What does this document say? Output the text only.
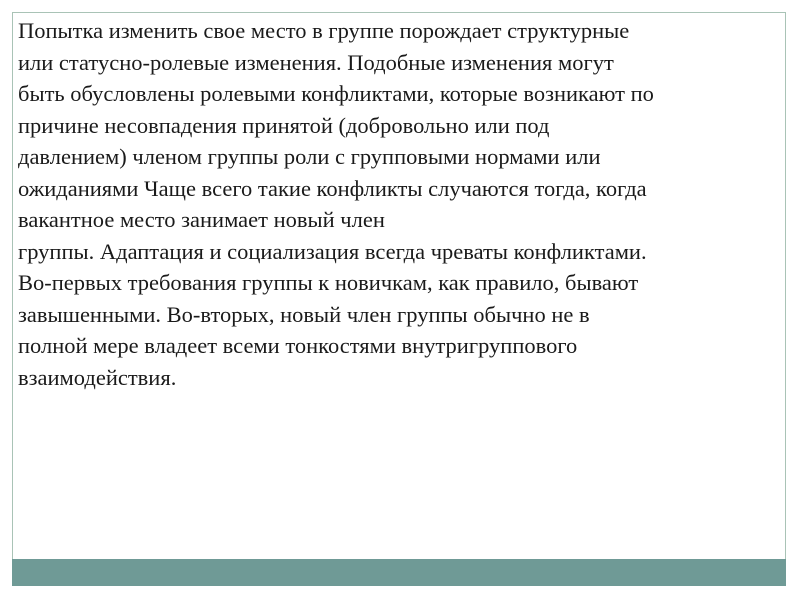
Попытка изменить свое место в группе порождает структурные
или статусно-ролевые изменения. Подобные изменения могут
быть обусловлены ролевыми конфликтами, которые возникают по
причине несовпадения принятой (добровольно или под
давлением) членом группы роли с групповыми нормами или
ожиданиями Чаще всего такие конфликты случаются тогда, когда
вакантное место занимает новый член
группы. Адаптация и социализация всегда чреваты конфликтами.
Во-первых требования группы к новичкам, как правило, бывают
завышенными. Во-вторых, новый член группы обычно не в
полной мере владеет всеми тонкостями внутригруппового
взаимодействия.
